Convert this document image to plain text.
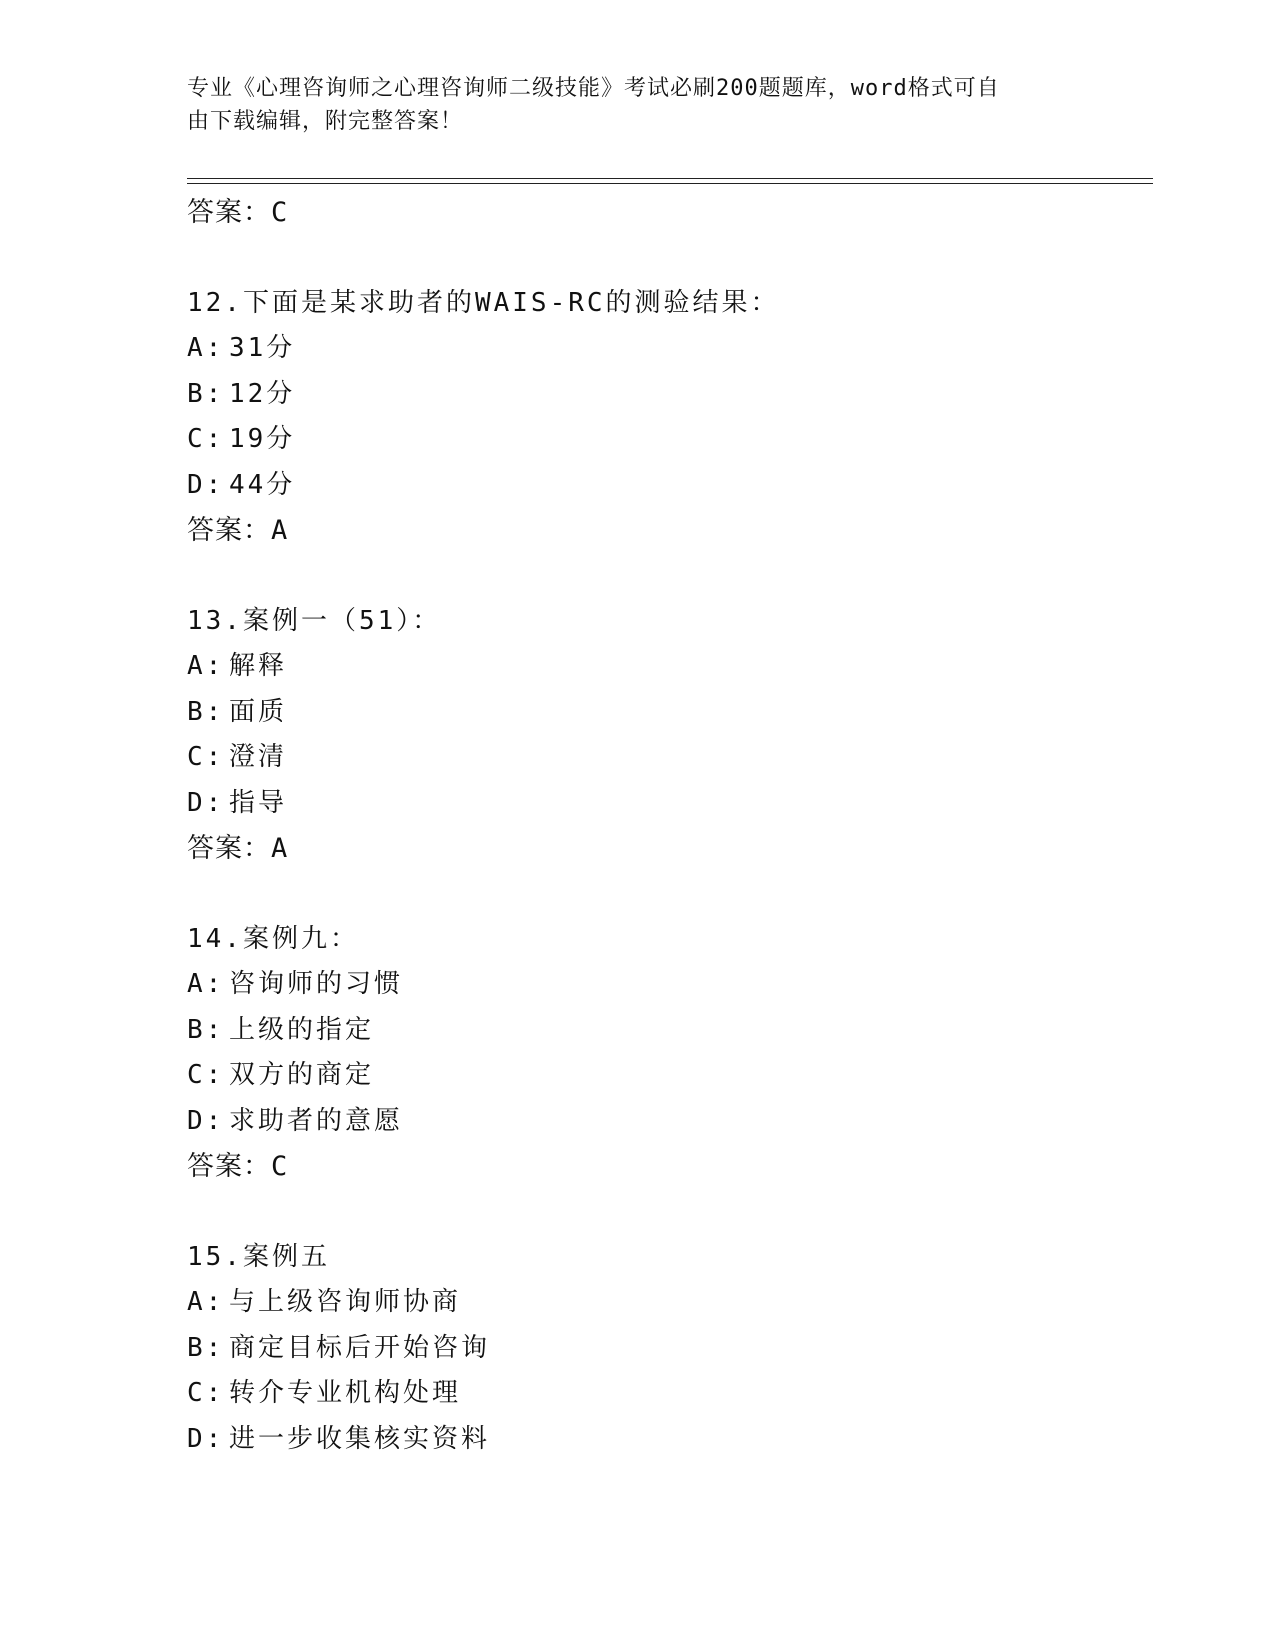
专业《心理咨询师之心理咨询师二级技能》考试必刷200题题库，word格式可自
由下载编辑，附完整答案！
答案：C
12.下面是某求助者的WAIS-RC的测验结果：
A: 31分
B: 12分
C: 19分
D: 44分
答案：A
13.案例一（51）：
A: 解释
B: 面质
C: 澄清
D: 指导
答案：A
14.案例九：
A: 咨询师的习惯
B: 上级的指定
C: 双方的商定
D: 求助者的意愿
答案：C
15.案例五
A: 与上级咨询师协商
B: 商定目标后开始咨询
C: 转介专业机构处理
D: 进一步收集核实资料
